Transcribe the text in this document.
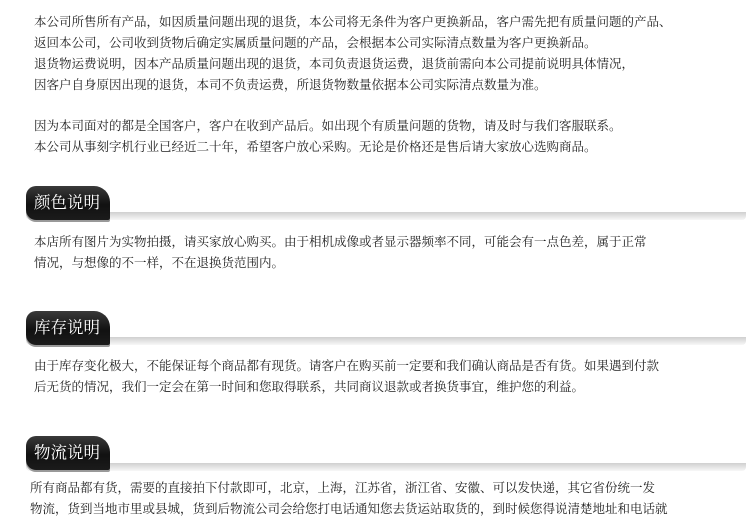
本公司所售所有产品，如因质量问题出现的退货，本公司将无条件为客户更换新品，客户需先把有质量问题的产品、
返回本公司，公司收到货物后确定实属质量问题的产品，会根据本公司实际清点数量为客户更换新品。
退货物运费说明，因本产品质量问题出现的退货，本司负责退货运费，退货前需向本公司提前说明具体情况，
因客户自身原因出现的退货，本司不负责运费，所退货物数量依据本公司实际清点数量为准。
因为本司面对的都是全国客户，客户在收到产品后。如出现个有质量问题的货物，请及时与我们客服联系。
本公司从事刻字机行业已经近二十年，希望客户放心采购。无论是价格还是售后请大家放心选购商品。
颜色说明
本店所有图片为实物拍摄，请买家放心购买。由于相机成像或者显示器频率不同，可能会有一点色差，属于正常
情况，与想像的不一样，不在退换货范围内。
库存说明
由于库存变化极大，不能保证每个商品都有现货。请客户在购买前一定要和我们确认商品是否有货。如果遇到付款
后无货的情况，我们一定会在第一时间和您取得联系，共同商议退款或者换货事宜，维护您的利益。
物流说明
所有商品都有货，需要的直接拍下付款即可，北京，上海，江苏省，浙江省、安徽、可以发快递，其它省份统一发
物流，货到当地市里或县城，货到后物流公司会给您打电话通知您去货运站取货的，到时候您得说清楚地址和电话就
